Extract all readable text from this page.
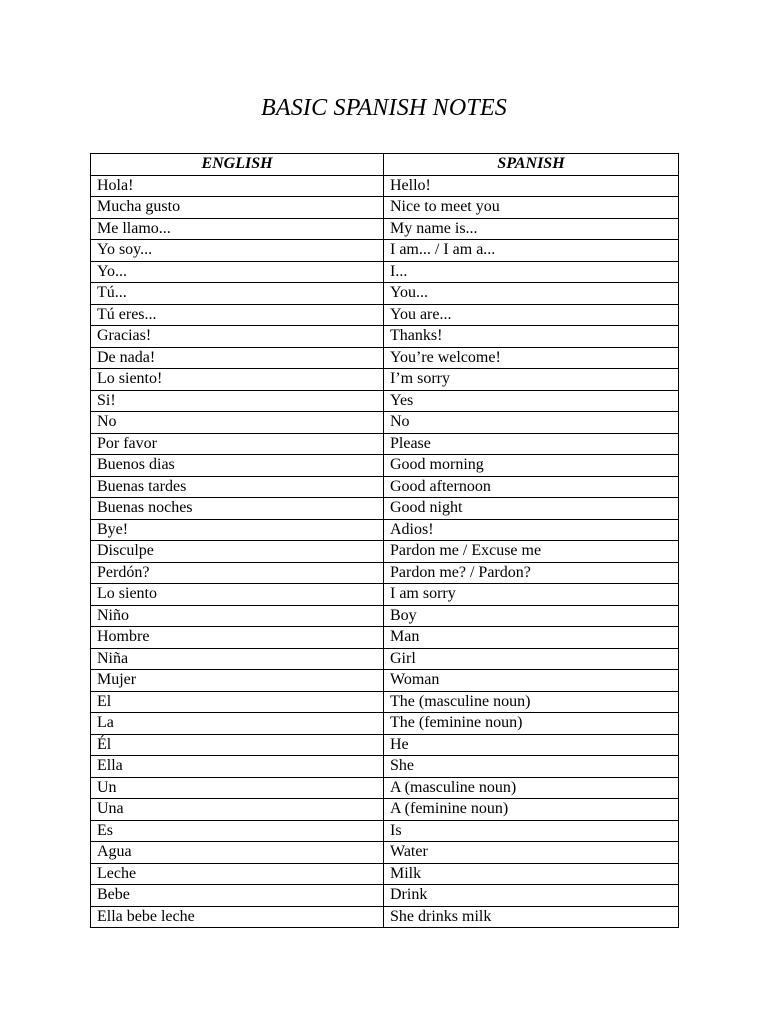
BASIC SPANISH NOTES
ENGLISH	SPANISH
Hola!	Hello!
Mucha gusto	Nice to meet you
Me llamo...	My name is...
Yo soy...	I am... / I am a...
Yo...	I...
Tú...	You...
Tú eres...	You are...
Gracias!	Thanks!
De nada!	You’re welcome!
Lo siento!	I’m sorry
Si!	Yes
No	No
Por favor	Please
Buenos dias	Good morning
Buenas tardes	Good afternoon
Buenas noches	Good night
Bye!	Adios!
Disculpe	Pardon me / Excuse me
Perdón?	Pardon me? / Pardon?
Lo siento	I am sorry
Niño	Boy
Hombre	Man
Niña	Girl
Mujer	Woman
El	The (masculine noun)
La	The (feminine noun)
Él	He
Ella	She
Un	A (masculine noun)
Una	A (feminine noun)
Es	Is
Agua	Water
Leche	Milk
Bebe	Drink
Ella bebe leche	She drinks milk
